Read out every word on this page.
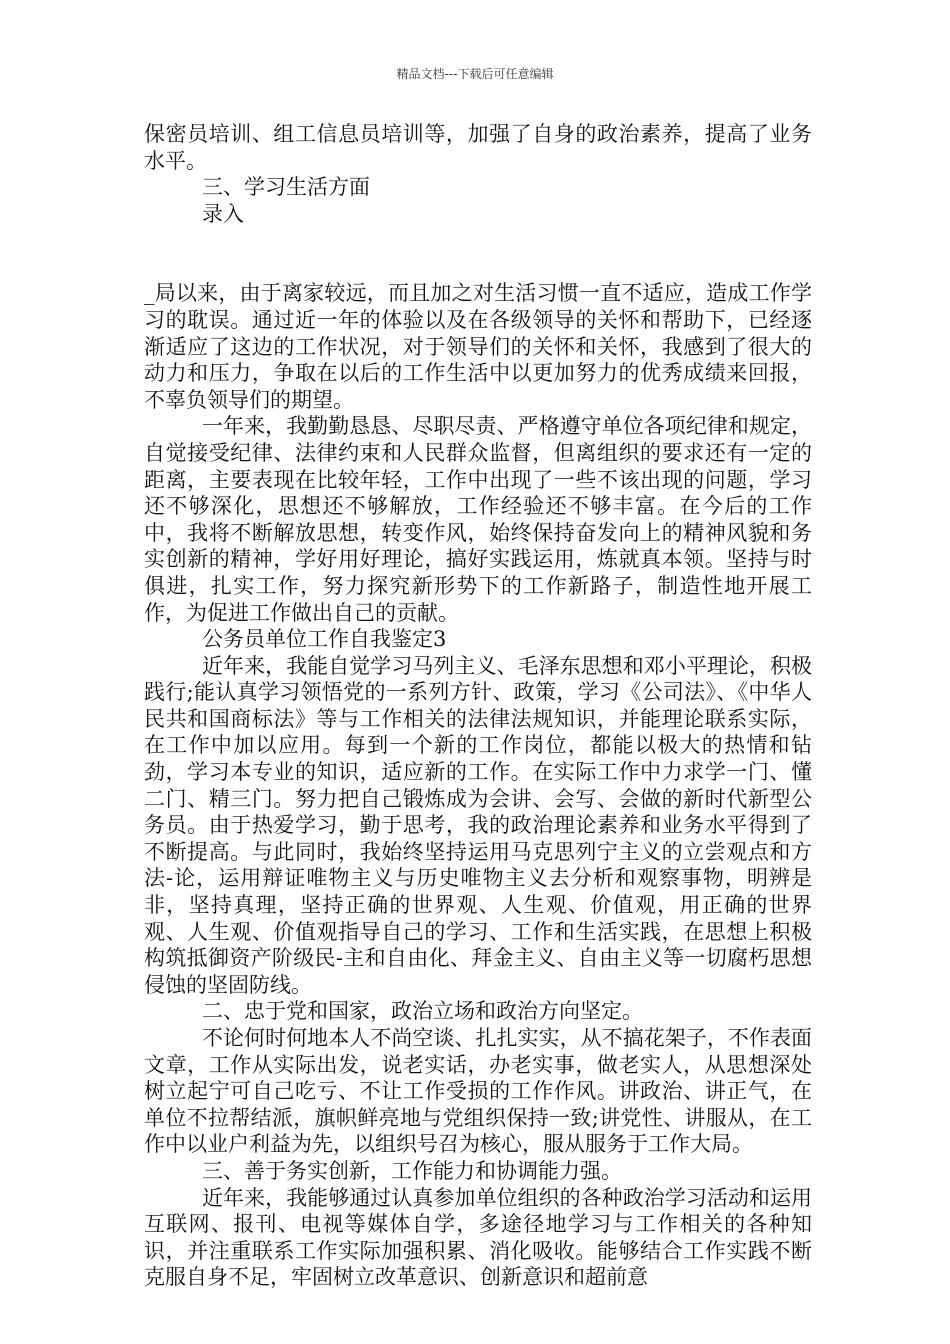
精品文档---下载后可任意编辑

保密员培训、组工信息员培训等，加强了自身的政治素养，提高了业务水平。

三、学习生活方面

录入

_局以来，由于离家较远，而且加之对生活习惯一直不适应，造成工作学习的耽误。通过近一年的体验以及在各级领导的关怀和帮助下，已经逐渐适应了这边的工作状况，对于领导们的关怀和关怀，我感到了很大的动力和压力，争取在以后的工作生活中以更加努力的优秀成绩来回报，不辜负领导们的期望。

一年来，我勤勤恳恳、尽职尽责、严格遵守单位各项纪律和规定，自觉接受纪律、法律约束和人民群众监督，但离组织的要求还有一定的距离，主要表现在比较年轻，工作中出现了一些不该出现的问题，学习还不够深化，思想还不够解放，工作经验还不够丰富。在今后的工作中，我将不断解放思想，转变作风，始终保持奋发向上的精神风貌和务实创新的精神，学好用好理论，搞好实践运用，炼就真本领。坚持与时俱进，扎实工作，努力探究新形势下的工作新路子，制造性地开展工作，为促进工作做出自己的贡献。

公务员单位工作自我鉴定3

近年来，我能自觉学习马列主义、毛泽东思想和邓小平理论，积极践行;能认真学习领悟党的一系列方针、政策，学习《公司法》、《中华人民共和国商标法》等与工作相关的法律法规知识，并能理论联系实际，在工作中加以应用。每到一个新的工作岗位，都能以极大的热情和钻劲，学习本专业的知识，适应新的工作。在实际工作中力求学一门、懂二门、精三门。努力把自己锻炼成为会讲、会写、会做的新时代新型公务员。由于热爱学习，勤于思考，我的政治理论素养和业务水平得到了不断提高。与此同时，我始终坚持运用马克思列宁主义的立尝观点和方法-论，运用辩证唯物主义与历史唯物主义去分析和观察事物，明辨是非，坚持真理，坚持正确的世界观、人生观、价值观，用正确的世界观、人生观、价值观指导自己的学习、工作和生活实践，在思想上积极构筑抵御资产阶级民-主和自由化、拜金主义、自由主义等一切腐朽思想侵蚀的坚固防线。

二、忠于党和国家，政治立场和政治方向坚定。

不论何时何地本人不尚空谈、扎扎实实，从不搞花架子，不作表面文章，工作从实际出发，说老实话，办老实事，做老实人，从思想深处树立起宁可自己吃亏、不让工作受损的工作作风。讲政治、讲正气，在单位不拉帮结派，旗帜鲜亮地与党组织保持一致;讲党性、讲服从，在工作中以业户利益为先，以组织号召为核心，服从服务于工作大局。

三、善于务实创新，工作能力和协调能力强。

近年来，我能够通过认真参加单位组织的各种政治学习活动和运用互联网、报刊、电视等媒体自学，多途径地学习与工作相关的各种知识，并注重联系工作实际加强积累、消化吸收。能够结合工作实践不断克服自身不足，牢固树立改革意识、创新意识和超前意
